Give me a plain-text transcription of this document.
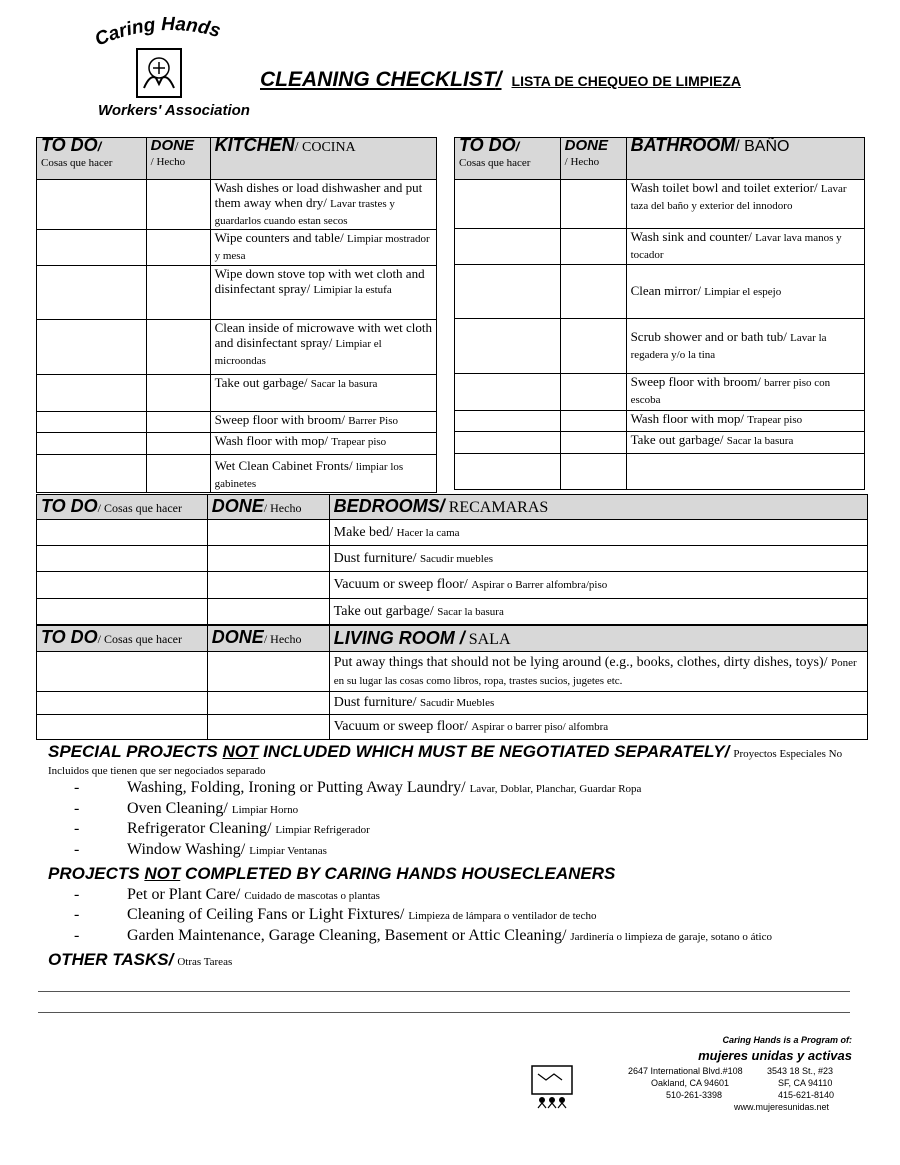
Caring Hands
Workers' Association
CLEANING CHECKLIST/ LISTA DE CHEQUEO DE LIMPIEZA
TO DO/
Cosas que hacer	DONE
/ Hecho	KITCHEN/ COCINA
		Wash dishes or load dishwasher and put them away when dry/ Lavar trastes y guardarlos cuando estan secos
		Wipe counters and table/ Limpiar mostrador y mesa
		Wipe down stove top with wet cloth and disinfectant spray/ Limipiar la estufa
		Clean inside of microwave with wet cloth and disinfectant spray/ Limpiar el microondas
		Take out garbage/ Sacar la basura
		Sweep floor with broom/ Barrer Piso
		Wash floor with mop/ Trapear piso
		Wet Clean Cabinet Fronts/ limpiar los gabinetes
TO DO/
Cosas que hacer	DONE
/ Hecho	BATHROOM/ BAÑO
		Wash toilet bowl and toilet exterior/ Lavar taza del baño y exterior del innodoro
		Wash sink and counter/ Lavar lava manos y tocador
		Clean mirror/ Limpiar el espejo
		Scrub shower and or bath tub/ Lavar la regadera y/o la tina
		Sweep floor with broom/ barrer piso con escoba
		Wash floor with mop/ Trapear piso
		Take out garbage/ Sacar la basura

TO DO/ Cosas que hacer	DONE/ Hecho	BEDROOMS/ RECAMARAS
		Make bed/ Hacer la cama
		Dust furniture/ Sacudir muebles
		Vacuum or sweep floor/ Aspirar o Barrer alfombra/piso
		Take out garbage/ Sacar la basura
TO DO/ Cosas que hacer	DONE/ Hecho	LIVING ROOM / SALA
		Put away things that should not be lying around (e.g., books, clothes, dirty dishes, toys)/ Poner en su lugar las cosas como libros, ropa, trastes sucios, jugetes etc.
		Dust furniture/ Sacudir Muebles
		Vacuum or sweep floor/ Aspirar o barrer piso/ alfombra
SPECIAL PROJECTS NOT INCLUDED WHICH MUST BE NEGOTIATED SEPARATELY/ Proyectos Especiales No Incluidos que tienen que ser negociados separado
-	Washing, Folding, Ironing or Putting Away Laundry/ Lavar, Doblar, Planchar, Guardar Ropa
-	Oven Cleaning/ Limpiar Horno
-	Refrigerator Cleaning/ Limpiar Refrigerador
-	Window Washing/ Limpiar Ventanas
PROJECTS NOT COMPLETED BY CARING HANDS HOUSECLEANERS
-	Pet or Plant Care/ Cuidado de mascotas o plantas
-	Cleaning of Ceiling Fans or Light Fixtures/ Limpieza de lámpara o ventilador de techo
-	Garden Maintenance, Garage Cleaning, Basement or Attic Cleaning/ Jardinería o limpieza de garaje, sotano o ático
OTHER TASKS/ Otras Tareas
Caring Hands is a Program of:
mujeres unidas y activas
2647 International Blvd.#108	3543 18 St., #23
Oakland, CA 94601	SF, CA 94110
510-261-3398	415-621-8140
www.mujeresunidas.net
